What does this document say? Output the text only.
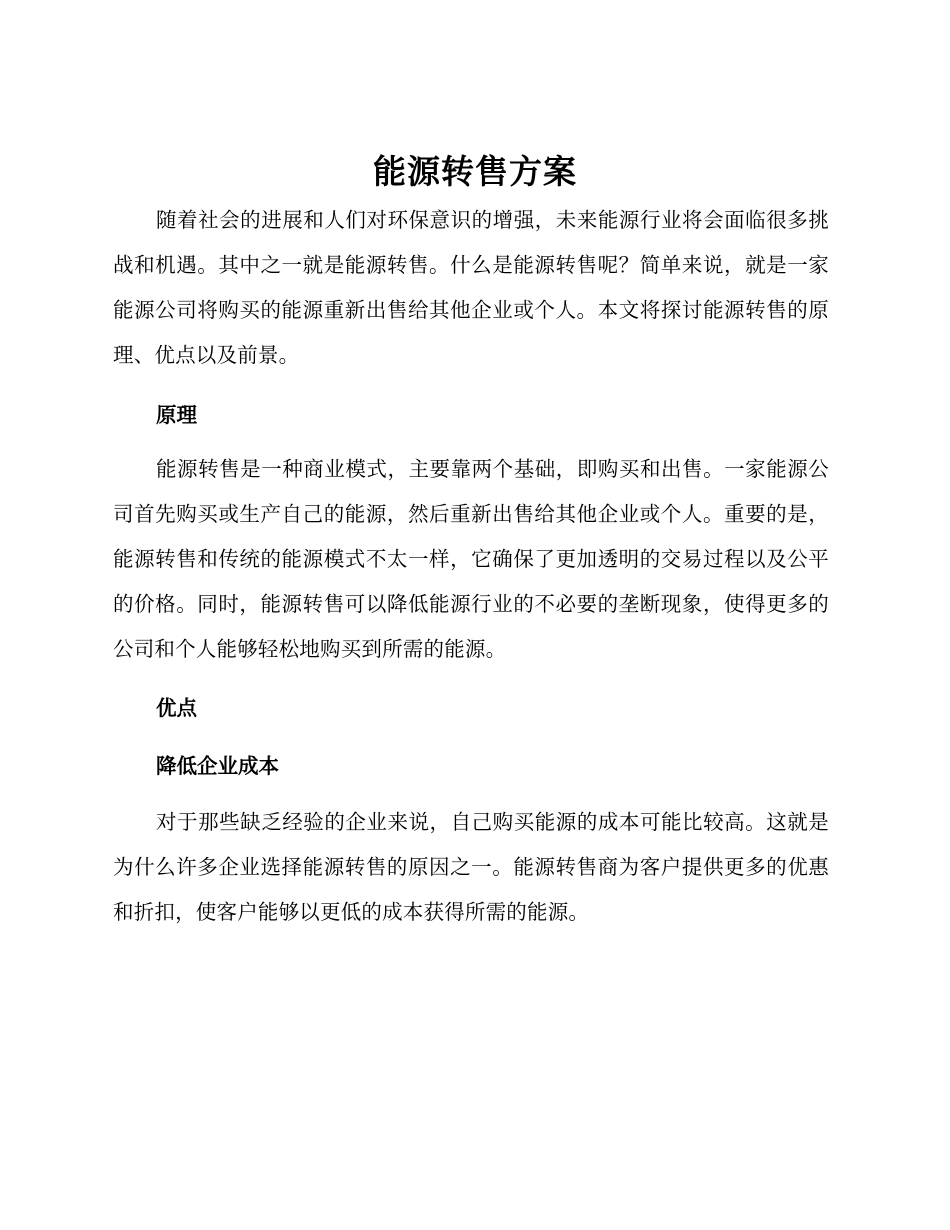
能源转售方案

随着社会的进展和人们对环保意识的增强，未来能源行业将会面临很多挑战和机遇。其中之一就是能源转售。什么是能源转售呢？简单来说，就是一家能源公司将购买的能源重新出售给其他企业或个人。本文将探讨能源转售的原理、优点以及前景。

原理

能源转售是一种商业模式，主要靠两个基础，即购买和出售。一家能源公司首先购买或生产自己的能源，然后重新出售给其他企业或个人。重要的是，能源转售和传统的能源模式不太一样，它确保了更加透明的交易过程以及公平的价格。同时，能源转售可以降低能源行业的不必要的垄断现象，使得更多的公司和个人能够轻松地购买到所需的能源。

优点
降低企业成本

对于那些缺乏经验的企业来说，自己购买能源的成本可能比较高。这就是为什么许多企业选择能源转售的原因之一。能源转售商为客户提供更多的优惠和折扣，使客户能够以更低的成本获得所需的能源。
